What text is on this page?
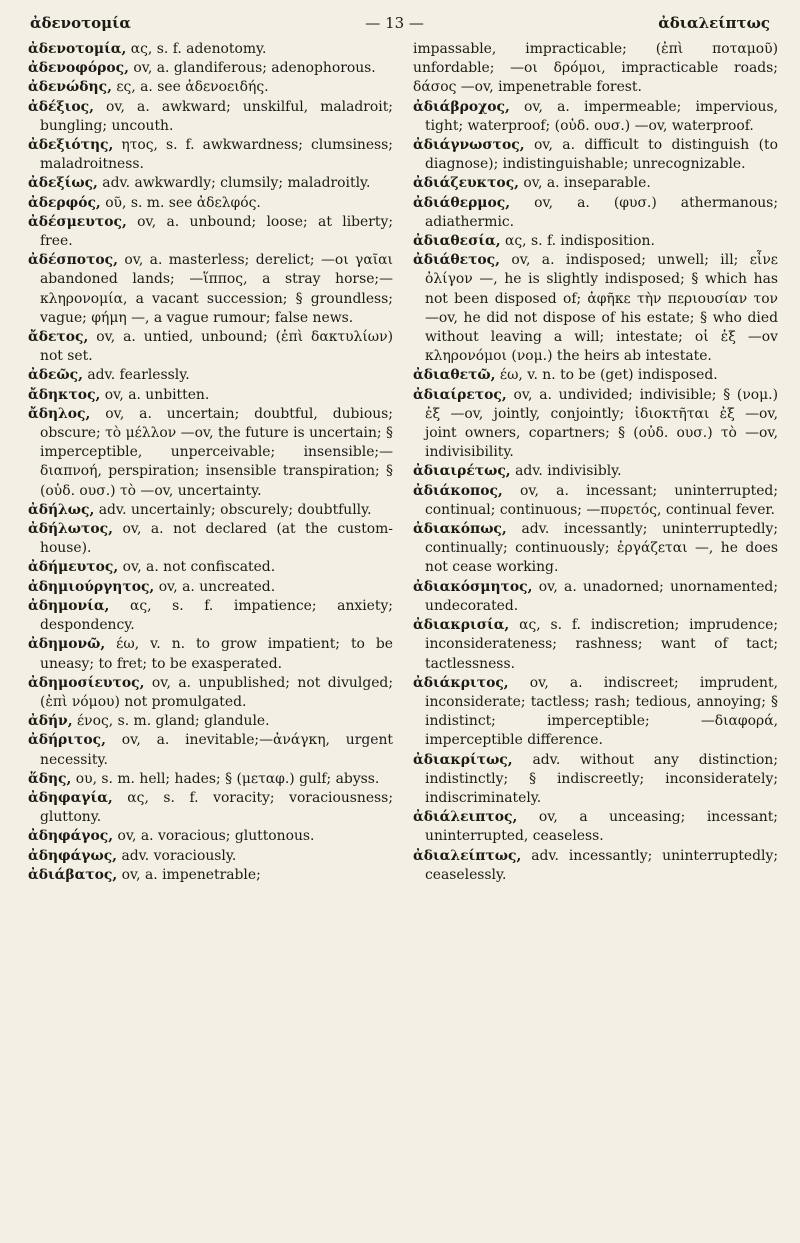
ἀδενοτομία	— 13 —	ἀδιαλείπτως

ἀδενοτομία, ας, s. f. adenotomy.

ἀδενοφόρος, ov, a. glandiferous; adenophorous.

ἀδενώδης, ες, a. see ἀδενοειδής.

ἀδέξιος, ov, a. awkward; unskilful, maladroit; bungling; uncouth.

ἀδεξιότης, ητος, s. f. awkwardness; clumsiness; maladroitness.

ἀδεξίως, adv. awkwardly; clumsily; maladroitly.

ἀδερφός, οῦ, s. m. see ἀδελφός.

ἀδέσμευτος, ov, a. unbound; loose; at liberty; free.

ἀδέσποτος, ov, a. masterless; derelict; —οι γαῖαι abandoned lands; —ἵππος, a stray horse;—κληρονομία, a vacant succession; § groundless; vague; φήμη —, a vague rumour; false news.

ἄδετος, ov, a. untied, unbound; (ἐπὶ δακτυλίων) not set.

ἀδεῶς, adv. fearlessly.

ἄδηκτος, ov, a. unbitten.

ἄδηλος, ov, a. uncertain; doubtful, dubious; obscure; τὸ μέλλον —ov, the future is uncertain; § imperceptible, unperceivable; insensible;—διαπνοή, perspiration; insensible transpiration; § (οὐδ. ουσ.) τὸ —ov, uncertainty.

ἀδήλως, adv. uncertainly; obscurely; doubtfully.

ἀδήλωτος, ov, a. not declared (at the custom-house).

ἀδήμευτος, ov, a. not confiscated.

ἀδημιούργητος, ov, a. uncreated.

ἀδημονία, ας, s. f. impatience; anxiety; despondency.

ἀδημονῶ, έω, v. n. to grow impatient; to be uneasy; to fret; to be exasperated.

ἀδημοσίευτος, ov, a. unpublished; not divulged; (ἐπὶ νόμου) not promulgated.

ἀδήν, ένος, s. m. gland; glandule.

ἀδήριτος, ov, a. inevitable;—ἀνάγκη, urgent necessity.

ἅδης, ου, s. m. hell; hades; § (μεταφ.) gulf; abyss.

ἀδηφαγία, ας, s. f. voracity; voraciousness; gluttony.

ἀδηφάγος, ov, a. voracious; gluttonous.

ἀδηφάγως, adv. voraciously.

ἀδιάβατος, ov, a. impenetrable;

impassable, impracticable; (ἐπὶ ποταμοῦ) unfordable; —οι δρόμοι, impracticable roads; δάσος —ov, impenetrable forest.

ἀδιάβροχος, ov, a. impermeable; impervious, tight; waterproof; (οὐδ. ουσ.) —ov, waterproof.

ἀδιάγνωστος, ov, a. difficult to distinguish (to diagnose); indistinguishable; unrecognizable.

ἀδιάζευκτος, ov, a. inseparable.

ἀδιάθερμος, ov, a. (φυσ.) athermanous; adiathermic.

ἀδιαθεσία, ας, s. f. indisposition.

ἀδιάθετος, ov, a. indisposed; unwell; ill; εἶνε ὀλίγον —, he is slightly indisposed; § which has not been disposed of; ἀφῆκε τὴν περιουσίαν τον —ov, he did not dispose of his estate; § who died without leaving a will; intestate; οἱ ἐξ —ov κληρονόμοι (νομ.) the heirs ab intestate.

ἀδιαθετῶ, έω, v. n. to be (get) indisposed.

ἀδιαίρετος, ov, a. undivided; indivisible; § (νομ.) ἐξ —ov, jointly, conjointly; ἰδιοκτῆται ἐξ —ov, joint owners, copartners; § (οὐδ. ουσ.) τὸ —ov, indivisibility.

ἀδιαιρέτως, adv. indivisibly.

ἀδιάκοπος, ov, a. incessant; uninterrupted; continual; continuous; —πυρετός, continual fever.

ἀδιακόπως, adv. incessantly; uninterruptedly; continually; continuously; ἐργάζεται —, he does not cease working.

ἀδιακόσμητος, ov, a. unadorned; unornamented; undecorated.

ἀδιακρισία, ας, s. f. indiscretion; imprudence; inconsiderateness; rashness; want of tact; tactlessness.

ἀδιάκριτος, ov, a. indiscreet; imprudent, inconsiderate; tactless; rash; tedious, annoying; § indistinct; imperceptible; —διαφορά, imperceptible difference.

ἀδιακρίτως, adv. without any distinction; indistinctly; § indiscreetly; inconsiderately; indiscriminately.

ἀδιάλειπτος, ov, a unceasing; incessant; uninterrupted, ceaseless.

ἀδιαλείπτως, adv. incessantly; uninterruptedly; ceaselessly.
